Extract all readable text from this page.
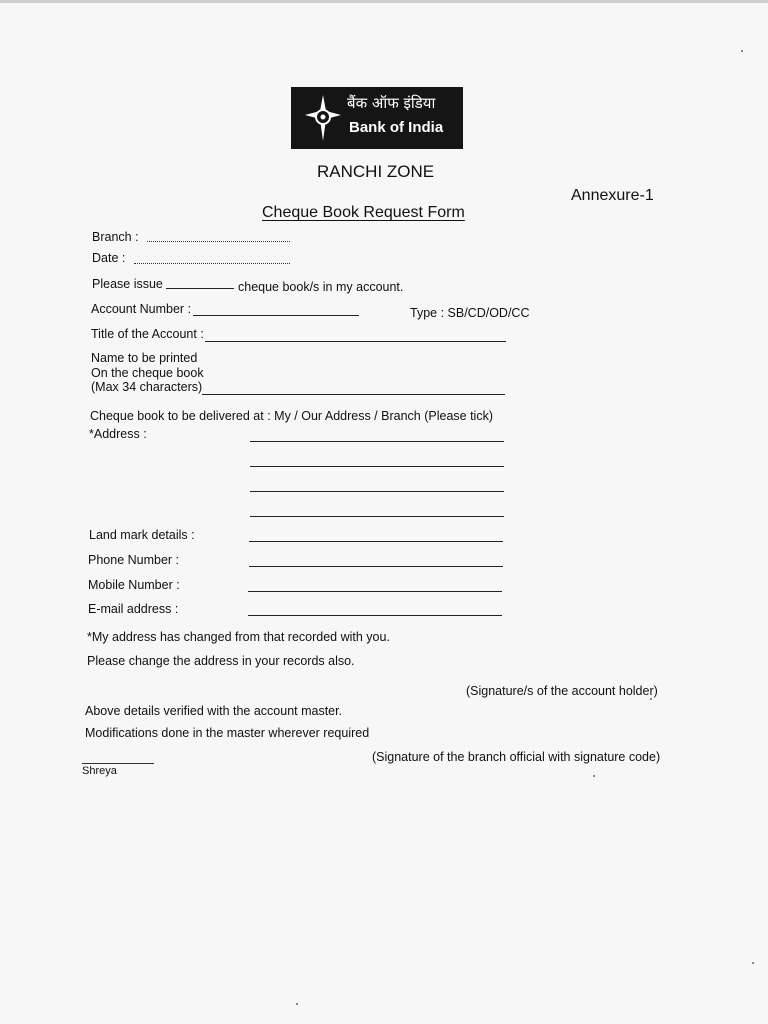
बैंक ऑफ इंडिया
Bank of India
RANCHI ZONE
Annexure-1
Cheque Book Request Form
Branch :
Date :
Please issue	cheque book/s in my account.
Account Number :	Type : SB/CD/OD/CC
Title of the Account :
Name to be printed
On the cheque book
(Max 34 characters)
Cheque book to be delivered at : My / Our Address / Branch (Please tick)
*Address :
Land mark details :
Phone Number :
Mobile Number :
E-mail address :
*My address has changed from that recorded with you.
Please change the address in your records also.
(Signature/s of the account holder)
Above details verified with the account master.
Modifications done in the master wherever required
(Signature of the branch official with signature code)
Shreya
